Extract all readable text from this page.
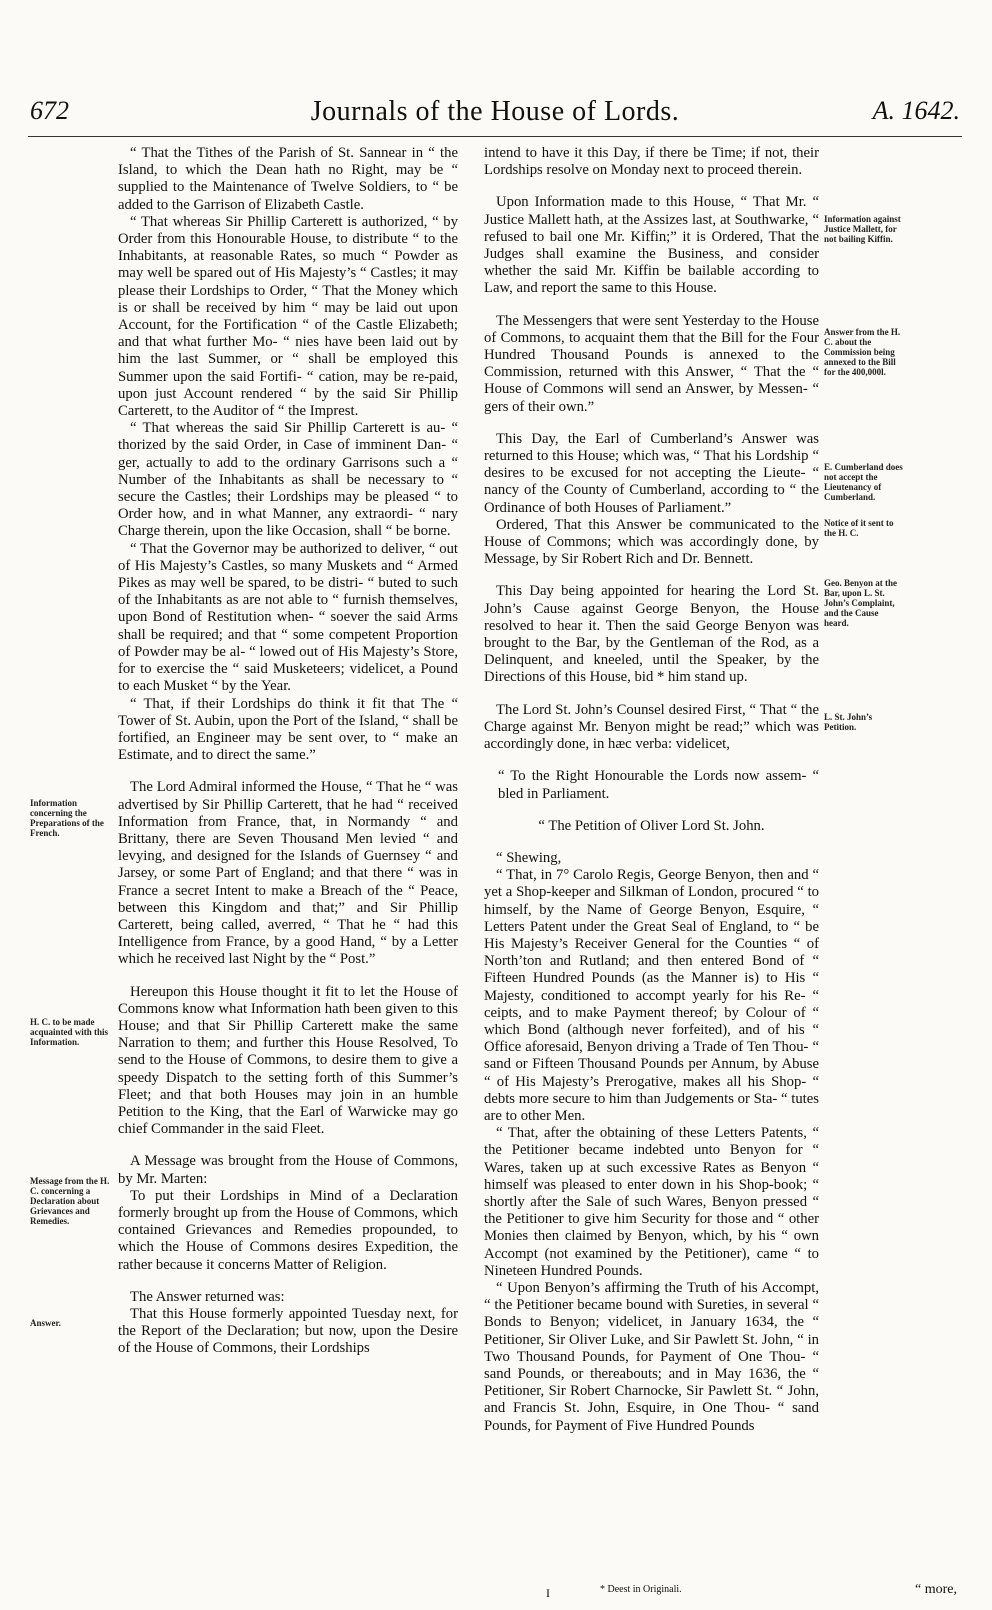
672	Journals of the House of Lords.	A. 1642.

“ That the Tithes of the Parish of St. Sannear in “ the Island, to which the Dean hath no Right, may be “ supplied to the Maintenance of Twelve Soldiers, to “ be added to the Garrison of Elizabeth Castle.

“ That whereas Sir Phillip Carterett is authorized, “ by Order from this Honourable House, to distribute “ to the Inhabitants, at reasonable Rates, so much “ Powder as may well be spared out of His Majesty’s “ Castles; it may please their Lordships to Order, “ That the Money which is or shall be received by him “ may be laid out upon Account, for the Fortification “ of the Castle Elizabeth; and that what further Mo- “ nies have been laid out by him the last Summer, or “ shall be employed this Summer upon the said Fortifi- “ cation, may be re-paid, upon just Account rendered “ by the said Sir Phillip Carterett, to the Auditor of “ the Imprest.

“ That whereas the said Sir Phillip Carterett is au- “ thorized by the said Order, in Case of imminent Dan- “ ger, actually to add to the ordinary Garrisons such a “ Number of the Inhabitants as shall be necessary to “ secure the Castles; their Lordships may be pleased “ to Order how, and in what Manner, any extraordi- “ nary Charge therein, upon the like Occasion, shall “ be borne.

“ That the Governor may be authorized to deliver, “ out of His Majesty’s Castles, so many Muskets and “ Armed Pikes as may well be spared, to be distri- “ buted to such of the Inhabitants as are not able to “ furnish themselves, upon Bond of Restitution when- “ soever the said Arms shall be required; and that “ some competent Proportion of Powder may be al- “ lowed out of His Majesty’s Store, for to exercise the “ said Musketeers; videlicet, a Pound to each Musket “ by the Year.

“ That, if their Lordships do think it fit that The “ Tower of St. Aubin, upon the Port of the Island, “ shall be fortified, an Engineer may be sent over, to “ make an Estimate, and to direct the same.”

The Lord Admiral informed the House, “ That he “ was advertised by Sir Phillip Carterett, that he had “ received Information from France, that, in Normandy “ and Brittany, there are Seven Thousand Men levied “ and levying, and designed for the Islands of Guernsey “ and Jarsey, or some Part of England; and that there “ was in France a secret Intent to make a Breach of the “ Peace, between this Kingdom and that;” and Sir Phillip Carterett, being called, averred, “ That he “ had this Intelligence from France, by a good Hand, “ by a Letter which he received last Night by the “ Post.”

Hereupon this House thought it fit to let the House of Commons know what Information hath been given to this House; and that Sir Phillip Carterett make the same Narration to them; and further this House Resolved, To send to the House of Commons, to desire them to give a speedy Dispatch to the setting forth of this Summer’s Fleet; and that both Houses may join in an humble Petition to the King, that the Earl of Warwicke may go chief Commander in the said Fleet.

A Message was brought from the House of Commons, by Mr. Marten:

To put their Lordships in Mind of a Declaration formerly brought up from the House of Commons, which contained Grievances and Remedies propounded, to which the House of Commons desires Expedition, the rather because it concerns Matter of Religion.

The Answer returned was:

That this House formerly appointed Tuesday next, for the Report of the Declaration; but now, upon the Desire of the House of Commons, their Lordships

intend to have it this Day, if there be Time; if not, their Lordships resolve on Monday next to proceed therein.

Upon Information made to this House, “ That Mr. “ Justice Mallett hath, at the Assizes last, at Southwarke, “ refused to bail one Mr. Kiffin;” it is Ordered, That the Judges shall examine the Business, and consider whether the said Mr. Kiffin be bailable according to Law, and report the same to this House.

The Messengers that were sent Yesterday to the House of Commons, to acquaint them that the Bill for the Four Hundred Thousand Pounds is annexed to the Commission, returned with this Answer, “ That the “ House of Commons will send an Answer, by Messen- “ gers of their own.”

This Day, the Earl of Cumberland’s Answer was returned to this House; which was, “ That his Lordship “ desires to be excused for not accepting the Lieute- “ nancy of the County of Cumberland, according to “ the Ordinance of both Houses of Parliament.”

Ordered, That this Answer be communicated to the House of Commons; which was accordingly done, by Message, by Sir Robert Rich and Dr. Bennett.

This Day being appointed for hearing the Lord St. John’s Cause against George Benyon, the House resolved to hear it. Then the said George Benyon was brought to the Bar, by the Gentleman of the Rod, as a Delinquent, and kneeled, until the Speaker, by the Directions of this House, bid * him stand up.

The Lord St. John’s Counsel desired First, “ That “ the Charge against Mr. Benyon might be read;” which was accordingly done, in hæc verba: videlicet,

“ To the Right Honourable the Lords now assem- “ bled in Parliament.

“ The Petition of Oliver Lord St. John.

“ Shewing,

“ That, in 7° Carolo Regis, George Benyon, then and “ yet a Shop-keeper and Silkman of London, procured “ to himself, by the Name of George Benyon, Esquire, “ Letters Patent under the Great Seal of England, to “ be His Majesty’s Receiver General for the Counties “ of North’ton and Rutland; and then entered Bond of “ Fifteen Hundred Pounds (as the Manner is) to His “ Majesty, conditioned to accompt yearly for his Re- “ ceipts, and to make Payment thereof; by Colour of “ which Bond (although never forfeited), and of his “ Office aforesaid, Benyon driving a Trade of Ten Thou- “ sand or Fifteen Thousand Pounds per Annum, by Abuse “ of His Majesty’s Prerogative, makes all his Shop- “ debts more secure to him than Judgements or Sta- “ tutes are to other Men.

“ That, after the obtaining of these Letters Patents, “ the Petitioner became indebted unto Benyon for “ Wares, taken up at such excessive Rates as Benyon “ himself was pleased to enter down in his Shop-book; “ shortly after the Sale of such Wares, Benyon pressed “ the Petitioner to give him Security for those and “ other Monies then claimed by Benyon, which, by his “ own Accompt (not examined by the Petitioner), came “ to Nineteen Hundred Pounds.

“ Upon Benyon’s affirming the Truth of his Accompt, “ the Petitioner became bound with Sureties, in several “ Bonds to Benyon; videlicet, in January 1634, the “ Petitioner, Sir Oliver Luke, and Sir Pawlett St. John, “ in Two Thousand Pounds, for Payment of One Thou- “ sand Pounds, or thereabouts; and in May 1636, the “ Petitioner, Sir Robert Charnocke, Sir Pawlett St. “ John, and Francis St. John, Esquire, in One Thou- “ sand Pounds, for Payment of Five Hundred Pounds

Information concerning the Preparations of the French.
H. C. to be made acquainted with this Information.
Message from the H. C. concerning a Declaration about Grievances and Remedies.
Answer.
Information against Justice Mallett, for not bailing Kiffin.
Answer from the H. C. about the Commission being annexed to the Bill for the 400,000l.
E. Cumberland does not accept the Lieutenancy of Cumberland.
Notice of it sent to the H. C.
Geo. Benyon at the Bar, upon L. St. John’s Complaint, and the Cause heard.
L. St. John’s Petition.
I	* Deest in Originali.	“ more,
